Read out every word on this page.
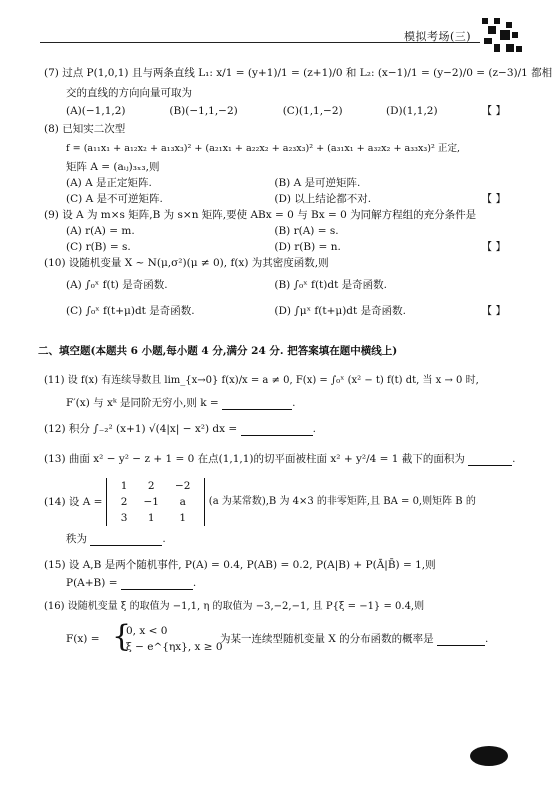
模拟考场(三)
(7) 过点 P(1,0,1) 且与两条直线 L₁: x/1 = (y+1)/1 = (z+1)/0 和 L₂: (x−1)/1 = (y−2)/0 = (z−3)/1 都相
交的直线的方向向量可取为
(A)(−1,1,2)	(B)(−1,1,−2)	(C)(1,1,−2)	(D)(1,1,2)	【 】
(8) 已知实二次型
f = (a₁₁x₁ + a₁₂x₂ + a₁₃x₃)² + (a₂₁x₁ + a₂₂x₂ + a₂₃x₃)² + (a₃₁x₁ + a₃₂x₂ + a₃₃x₃)² 正定,
矩阵 A = (aᵢⱼ)₃ₓ₃,则
(A) A 是正定矩阵.	(B) A 是可逆矩阵.
(C) A 是不可逆矩阵.	(D) 以上结论都不对.	【 】
(9) 设 A 为 m×s 矩阵,B 为 s×n 矩阵,要使 ABx = 0 与 Bx = 0 为同解方程组的充分条件是
(A) r(A) = m.	(B) r(A) = s.
(C) r(B) = s.	(D) r(B) = n.	【 】
(10) 设随机变量 X ~ N(μ,σ²)(μ ≠ 0), f(x) 为其密度函数,则
(A) ∫₀ˣ f(t) 是奇函数.	(B) ∫₀ˣ f(t)dt 是奇函数.
(C) ∫₀ˣ f(t+μ)dt 是奇函数.	(D) ∫μˣ f(t+μ)dt 是奇函数.	【 】
二、填空题(本题共 6 小题,每小题 4 分,满分 24 分. 把答案填在题中横线上)
(11) 设 f(x) 有连续导数且 lim_{x→0} f(x)/x = a ≠ 0, F(x) = ∫₀ˣ (x² − t) f(t) dt, 当 x → 0 时,
F′(x) 与 xᵏ 是同阶无穷小,则 k =	.
(12) 积分 ∫₋₂² (x+1) √(4|x| − x²) dx =	.
(13) 曲面 x² − y² − z + 1 = 0 在点(1,1,1)的切平面被柱面 x² + y²/4 = 1 截下的面积为	.
(14) 设 A =
1	2	−2
2	−1	a
3	1	1
(a 为某常数),B 为 4×3 的非零矩阵,且 BA = 0,则矩阵 B 的
秩为	.
(15) 设 A,B 是两个随机事件, P(A) = 0.4, P(AB) = 0.2, P(A|B) + P(Ā|B̄) = 1,则
P(A+B) =	.
(16) 设随机变量 ξ 的取值为 −1,1, η 的取值为 −3,−2,−1, 且 P{ξ = −1} = 0.4,则
F(x) = {
0, x < 0
ξ − e^{ηx}, x ≥ 0
为某一连续型随机变量 X 的分布函数的概率是	.
